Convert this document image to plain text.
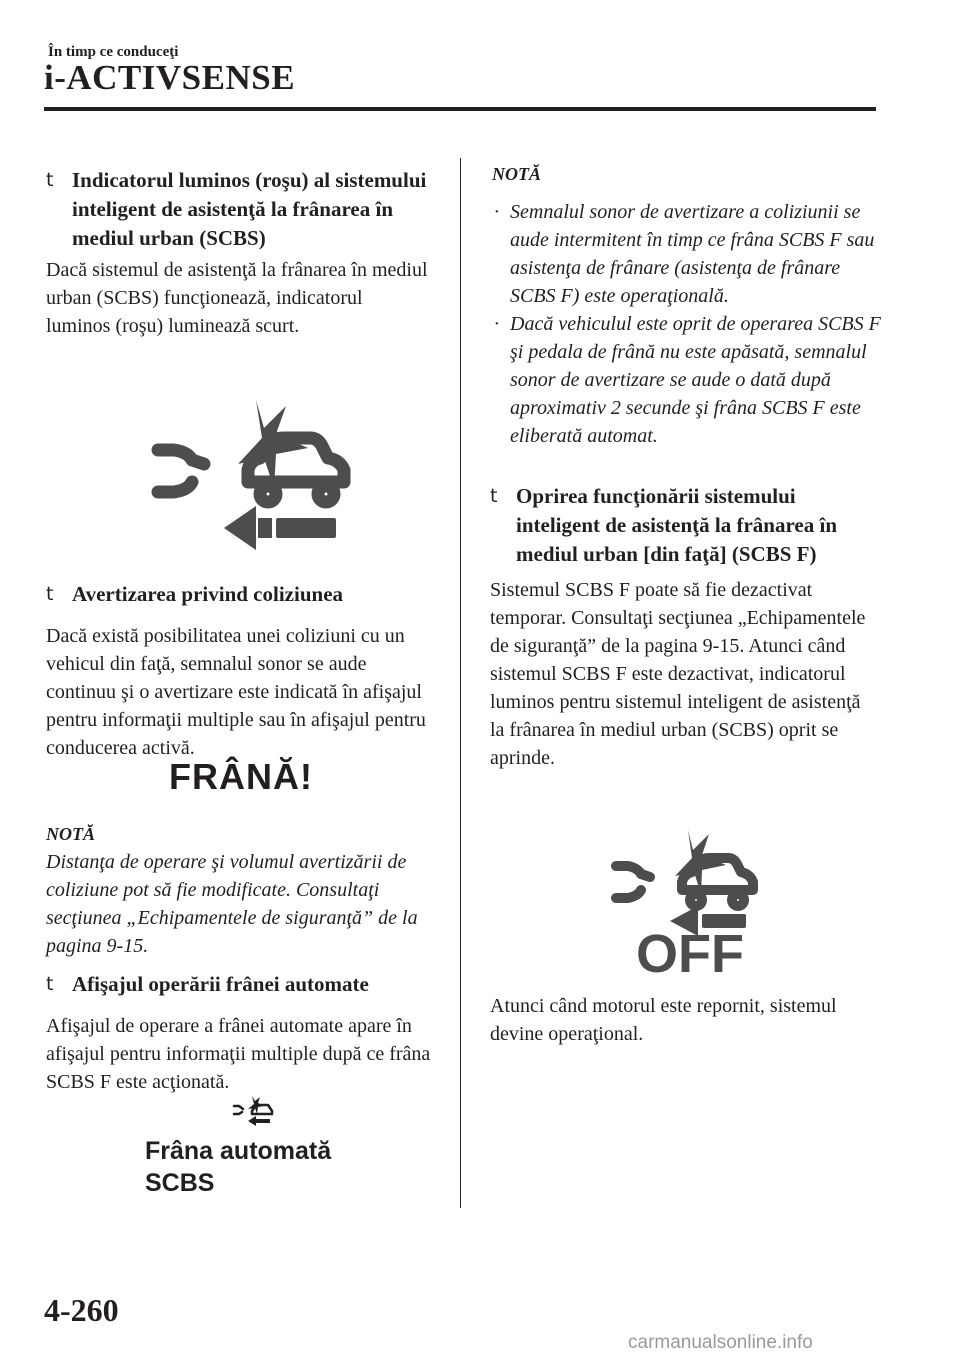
În timp ce conduceţi
i-ACTIVSENSE
t Indicatorul luminos (roşu) al sistemului inteligent de asistenţă la frânarea în mediul urban (SCBS)
Dacă sistemul de asistenţă la frânarea în mediul urban (SCBS) funcţionează, indicatorul luminos (roşu) luminează scurt.
t Avertizarea privind coliziunea
Dacă există posibilitatea unei coliziuni cu un vehicul din faţă, semnalul sonor se aude continuu şi o avertizare este indicată în afişajul pentru informaţii multiple sau în afişajul pentru conducerea activă.
FRÂNĂ!
NOTĂ
Distanţa de operare şi volumul avertizării de coliziune pot să fie modificate. Consultaţi secţiunea „Echipamentele de siguranţă” de la pagina 9-15.
t Afişajul operării frânei automate
Afişajul de operare a frânei automate apare în afişajul pentru informaţii multiple după ce frâna SCBS F este acţionată.
Frâna automată
SCBS
NOTĂ
· Semnalul sonor de avertizare a coliziunii se aude intermitent în timp ce frâna SCBS F sau asistenţa de frânare (asistenţa de frânare SCBS F) este operaţională.
· Dacă vehiculul este oprit de operarea SCBS F şi pedala de frână nu este apăsată, semnalul sonor de avertizare se aude o dată după aproximativ 2 secunde şi frâna SCBS F este eliberată automat.
t Oprirea funcţionării sistemului inteligent de asistenţă la frânarea în mediul urban [din faţă] (SCBS F)
Sistemul SCBS F poate să fie dezactivat temporar. Consultaţi secţiunea „Echipamentele de siguranţă” de la pagina 9-15. Atunci când sistemul SCBS F este dezactivat, indicatorul luminos pentru sistemul inteligent de asistenţă la frânarea în mediul urban (SCBS) oprit se aprinde.
OFF
Atunci când motorul este repornit, sistemul devine operaţional.
4-260
carmanualsonline.info
